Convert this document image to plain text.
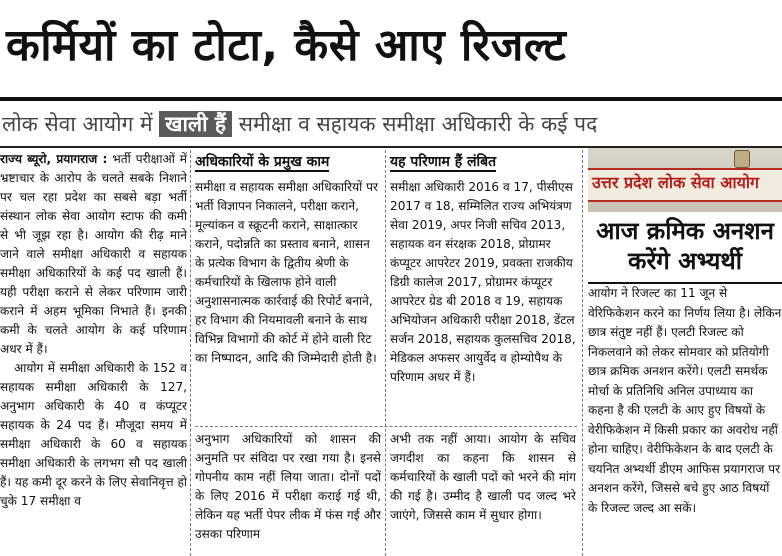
कर्मियों का टोटा, कैसे आए रिजल्ट
लोक सेवा आयोग में खाली हैं समीक्षा व सहायक समीक्षा अधिकारी के कई पद

राज्य ब्यूरो, प्रयागराज : भर्ती परीक्षाओं में भ्रष्टाचार के आरोप के चलते सबके निशाने पर चल रहा प्रदेश का सबसे बड़ा भर्ती संस्थान लोक सेवा आयोग स्टाफ की कमी से भी जूझ रहा है। आयोग की रीढ़ माने जाने वाले समीक्षा अधिकारी व सहायक समीक्षा अधिकारियों के कई पद खाली हैं। यही परीक्षा कराने से लेकर परिणाम जारी कराने में अहम भूमिका निभाते हैं। इनकी कमी के चलते आयोग के कई परिणाम अधर में हैं।

आयोग में समीक्षा अधिकारी के 152 व सहायक समीक्षा अधिकारी के 127, अनुभाग अधिकारी के 40 व कंप्यूटर सहायक के 24 पद हैं। मौजूदा समय में समीक्षा अधिकारी के 60 व सहायक समीक्षा अधिकारी के लगभग सौ पद खाली हैं। यह कमी दूर करने के लिए सेवानिवृत्त हो चुके 17 समीक्षा व

अधिकारियों के प्रमुख काम
समीक्षा व सहायक समीक्षा अधिकारियों पर भर्ती विज्ञापन निकालने, परीक्षा कराने, मूल्यांकन व स्क्रूटनी कराने, साक्षात्कार कराने, पदोन्नति का प्रस्ताव बनाने, शासन के प्रत्येक विभाग के द्वितीय श्रेणी के कर्मचारियों के खिलाफ होने वाली अनुशासनात्मक कार्रवाई की रिपोर्ट बनाने, हर विभाग की नियमावली बनाने के साथ विभिन्न विभागों की कोर्ट में होने वाली रिट का निष्पादन, आदि की जिम्मेदारी होती है।
यह परिणाम हैं लंबित
समीक्षा अधिकारी 2016 व 17, पीसीएस 2017 व 18, सम्मिलित राज्य अभियंत्रण सेवा 2019, अपर निजी सचिव 2013, सहायक वन संरक्षक 2018, प्रोग्रामर कंप्यूटर आपरेटर 2019, प्रवक्ता राजकीय डिग्री कालेज 2017, प्रोग्रामर कंप्यूटर आपरेटर ग्रेड बी 2018 व 19, सहायक अभियोजन अधिकारी परीक्षा 2018, डेंटल सर्जन 2018, सहायक कुलसचिव 2018, मेडिकल अफसर आयुर्वेद व होम्योपैथ के परिणाम अधर में हैं।
अनुभाग अधिकारियों को शासन की अनुमति पर संविदा पर रखा गया है। इनसे गोपनीय काम नहीं लिया जाता। दोनों पदों के लिए 2016 में परीक्षा कराई गई थी, लेकिन यह भर्ती पेपर लीक में फंस गई और उसका परिणाम
अभी तक नहीं आया। आयोग के सचिव जगदीश का कहना कि शासन से कर्मचारियों के खाली पदों को भरने की मांग की गई है। उम्मीद है खाली पद जल्द भरे जाएंगे, जिससे काम में सुधार होगा।
उत्तर प्रदेश लोक सेवा आयोग
आज क्रमिक अनशन करेंगे अभ्यर्थी
आयोग ने रिजल्ट का 11 जून से वेरिफिकेशन करने का निर्णय लिया है। लेकिन छात्र संतुष्ट नहीं हैं। एलटी रिजल्ट को निकलवाने को लेकर सोमवार को प्रतियोगी छात्र क्रमिक अनशन करेंगे। एलटी समर्थक मोर्चा के प्रतिनिधि अनिल उपाध्याय का कहना है की एलटी के आए हुए विषयों के वेरीफिकेशन में किसी प्रकार का अवरोध नहीं होना चाहिए। वेरीफिकेशन के बाद एलटी के चयनित अभ्यर्थी डीएम आफिस प्रयागराज पर अनशन करेंगे, जिससे बचे हुए आठ विषयों के रिजल्ट जल्द आ सकें।
